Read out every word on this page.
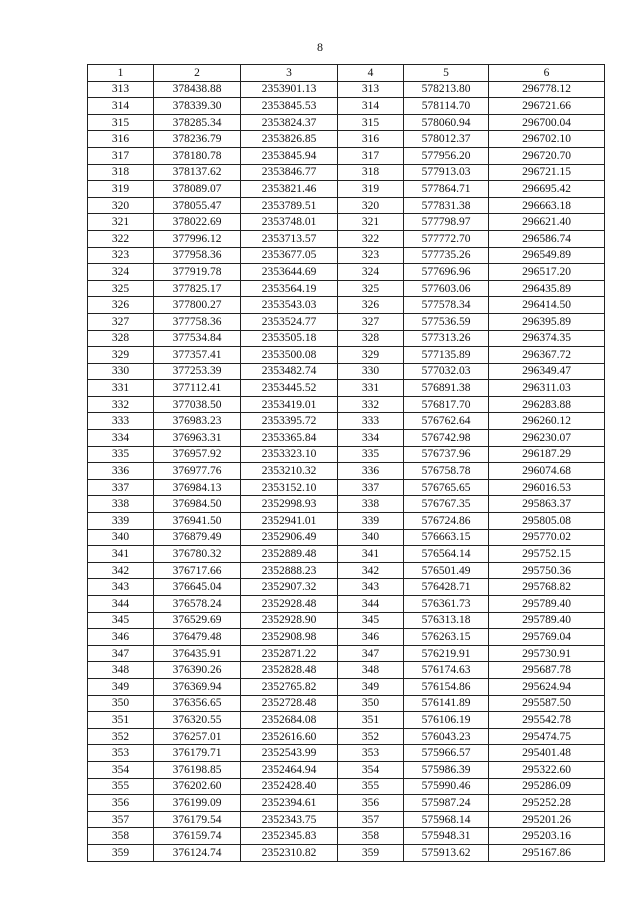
8
1	2	3	4	5	6
313	378438.88	2353901.13	313	578213.80	296778.12
314	378339.30	2353845.53	314	578114.70	296721.66
315	378285.34	2353824.37	315	578060.94	296700.04
316	378236.79	2353826.85	316	578012.37	296702.10
317	378180.78	2353845.94	317	577956.20	296720.70
318	378137.62	2353846.77	318	577913.03	296721.15
319	378089.07	2353821.46	319	577864.71	296695.42
320	378055.47	2353789.51	320	577831.38	296663.18
321	378022.69	2353748.01	321	577798.97	296621.40
322	377996.12	2353713.57	322	577772.70	296586.74
323	377958.36	2353677.05	323	577735.26	296549.89
324	377919.78	2353644.69	324	577696.96	296517.20
325	377825.17	2353564.19	325	577603.06	296435.89
326	377800.27	2353543.03	326	577578.34	296414.50
327	377758.36	2353524.77	327	577536.59	296395.89
328	377534.84	2353505.18	328	577313.26	296374.35
329	377357.41	2353500.08	329	577135.89	296367.72
330	377253.39	2353482.74	330	577032.03	296349.47
331	377112.41	2353445.52	331	576891.38	296311.03
332	377038.50	2353419.01	332	576817.70	296283.88
333	376983.23	2353395.72	333	576762.64	296260.12
334	376963.31	2353365.84	334	576742.98	296230.07
335	376957.92	2353323.10	335	576737.96	296187.29
336	376977.76	2353210.32	336	576758.78	296074.68
337	376984.13	2353152.10	337	576765.65	296016.53
338	376984.50	2352998.93	338	576767.35	295863.37
339	376941.50	2352941.01	339	576724.86	295805.08
340	376879.49	2352906.49	340	576663.15	295770.02
341	376780.32	2352889.48	341	576564.14	295752.15
342	376717.66	2352888.23	342	576501.49	295750.36
343	376645.04	2352907.32	343	576428.71	295768.82
344	376578.24	2352928.48	344	576361.73	295789.40
345	376529.69	2352928.90	345	576313.18	295789.40
346	376479.48	2352908.98	346	576263.15	295769.04
347	376435.91	2352871.22	347	576219.91	295730.91
348	376390.26	2352828.48	348	576174.63	295687.78
349	376369.94	2352765.82	349	576154.86	295624.94
350	376356.65	2352728.48	350	576141.89	295587.50
351	376320.55	2352684.08	351	576106.19	295542.78
352	376257.01	2352616.60	352	576043.23	295474.75
353	376179.71	2352543.99	353	575966.57	295401.48
354	376198.85	2352464.94	354	575986.39	295322.60
355	376202.60	2352428.40	355	575990.46	295286.09
356	376199.09	2352394.61	356	575987.24	295252.28
357	376179.54	2352343.75	357	575968.14	295201.26
358	376159.74	2352345.83	358	575948.31	295203.16
359	376124.74	2352310.82	359	575913.62	295167.86
